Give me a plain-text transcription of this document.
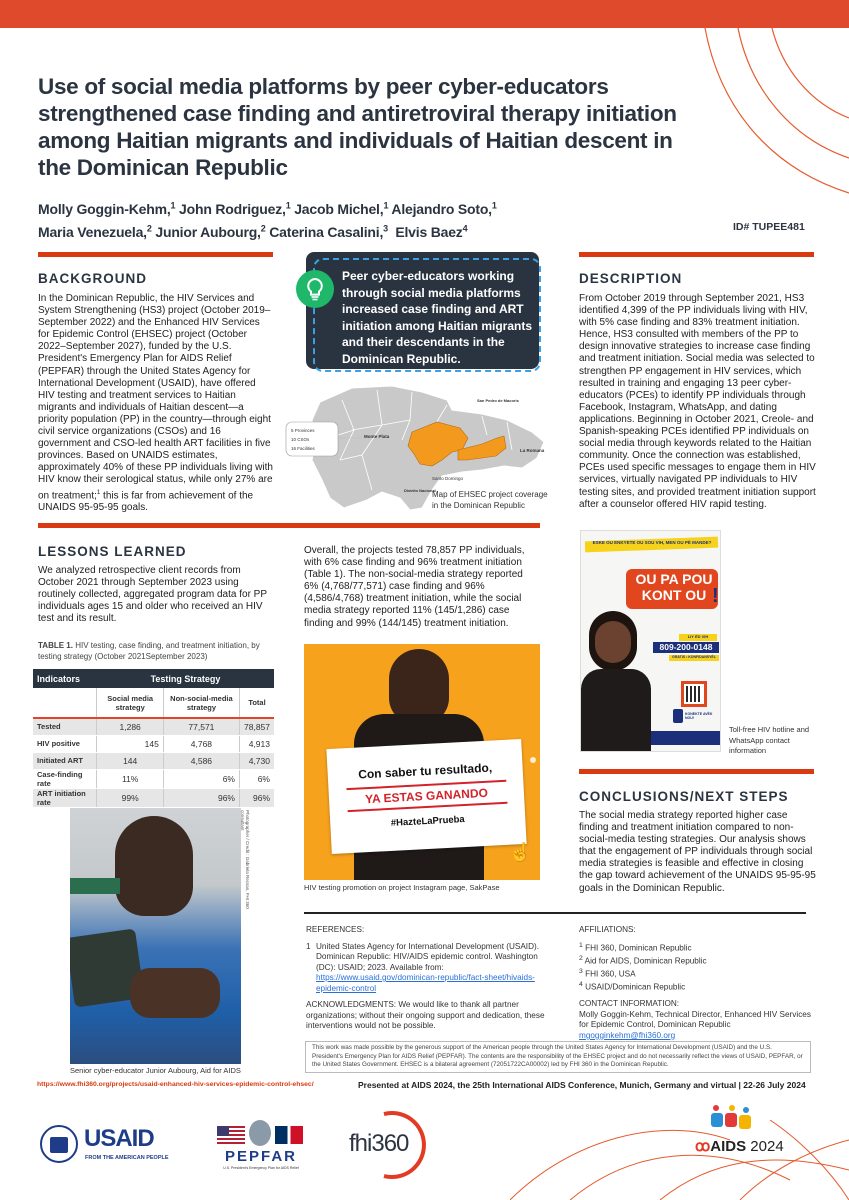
Use of social media platforms by peer cyber-educators strengthened case finding and antiretroviral therapy initiation among Haitian migrants and individuals of Haitian descent in the Dominican Republic
Molly Goggin-Kehm,$^1$ John Rodriguez,$^1$ Jacob Michel,$^1$ Alejandro Soto,$^1$
Maria Venezuela,$^2$ Junior Aubourg,$^2$ Caterina Casalini,$^3$ Elvis Baez$^4$	ID# TUPEE481
BACKGROUND
In the Dominican Republic, the HIV Services and System Strengthening (HS3) project (October 2019–September 2022) and the Enhanced HIV Services for Epidemic Control (EHSEC) project (October 2022–September 2027), funded by the U.S. President's Emergency Plan for AIDS Relief (PEPFAR) through the United States Agency for International Development (USAID), have offered HIV testing and treatment services to Haitian migrants and individuals of Haitian descent—a priority population (PP) in the country—through eight civil service organizations (CSOs) and 16 government and CSO-led health ART facilities in five provinces. Based on UNAIDS estimates, approximately 40% of these PP individuals living with HIV know their serological status, while only 27% are on treatment;$^1$ this is far from achievement of the UNAIDS 95-95-95 goals.
Peer cyber-educators working through social media platforms increased case finding and ART initiation among Haitian migrants and their descendants in the Dominican Republic.
5 Provinces
10 CSOs
16 Facilities
Monte Plata
San Pedro de Macoris
La Romana
Santo Domingo
Distrito Nacional
Map of EHSEC project coverage in the Dominican Republic
DESCRIPTION
From October 2019 through September 2021, HS3 identified 4,399 of the PP individuals living with HIV, with 5% case finding and 83% treatment initiation. Hence, HS3 consulted with members of the PP to design innovative strategies to increase case finding and treatment initiation. Social media was selected to strengthen PP engagement in HIV services, which resulted in training and engaging 13 peer cyber-educators (PCEs) to identify PP individuals through Facebook, Instagram, WhatsApp, and dating applications. Beginning in October 2021, Creole- and Spanish-speaking PCEs identified PP individuals on social media through keywords related to the Haitian community. Once the connection was established, PCEs used specific messages to engage them in HIV services, virtually navigated PP individuals to HIV testing sites, and provided treatment initiation support after a counselor offered HIV rapid testing.
LESSONS LEARNED
We analyzed retrospective client records from October 2021 through September 2023 using routinely collected, aggregated program data for PP individuals ages 15 and older who received an HIV test and its result.
Overall, the projects tested 78,857 PP individuals, with 6% case finding and 96% treatment initiation (Table 1). The non-social-media strategy reported 6% (4,768/77,571) case finding and 96% (4,586/4,768) treatment initiation, while the social media strategy reported 11% (145/1,286) case finding and 99% (144/145) treatment initiation.
TABLE 1. HIV testing, case finding, and treatment initiation, by testing strategy (October 2021September 2023)
Indicators	Testing Strategy		
	Social media strategy	Non-social-media strategy	Total
Tested	1,286	77,571	78,857
HIV positive	145	4,768	4,913
Initiated ART	144	4,586	4,730
Case-finding rate	11%	6%	6%
ART initiation rate	99%	96%	96%
Photographer / Credit : Gabriela Recsan, FHI 360 consultant
Senior cyber-educator Junior Aubourg, Aid for AIDS
Con saber tu resultado,
YA ESTAS GANANDO
#HazteLaPrueba
☝
HIV testing promotion on project Instagram page, SakPase
ESKE OU ENKYETE OU SOU VIH, MEN OU PÈ MANDE?
OU PA POU
KONT OU !
LIY ÈD VIH
809-200-0148
GRATIS • KONFIDANSYÈL
KONEKTE AVÈK NOU!
Toll-free HIV hotline and WhatsApp contact information
CONCLUSIONS/NEXT STEPS
The social media strategy reported higher case finding and treatment initiation compared to non-social-media testing strategies. Our analysis shows that the engagement of PP individuals through social media strategies is feasible and effective in closing the gap toward achievement of the UNAIDS 95-95-95 goals in the Dominican Republic.
REFERENCES:
1 United States Agency for International Development (USAID). Dominican Republic: HIV/AIDS epidemic control. Washington (DC): USAID; 2023. Available from:
https://www.usaid.gov/dominican-republic/fact-sheet/hivaids-epidemic-control
ACKNOWLEDGMENTS: We would like to thank all partner organizations; without their ongoing support and dedication, these interventions would not be possible.
AFFILIATIONS:
$^1$ FHI 360, Dominican Republic
$^2$ Aid for AIDS, Dominican Republic
$^3$ FHI 360, USA
$^4$ USAID/Dominican Republic
CONTACT INFORMATION:
Molly Goggin-Kehm, Technical Director, Enhanced HIV Services for Epidemic Control, Dominican Republic
mgogginkehm@fhi360.org
This work was made possible by the generous support of the American people through the United States Agency for International Development (USAID) and the U.S. President's Emergency Plan for AIDS Relief (PEPFAR). The contents are the responsibility of the EHSEC project and do not necessarily reflect the views of USAID, PEPFAR, or the United States Government. EHSEC is a bilateral agreement (72051722CA00002) led by FHI 360 in the Dominican Republic.
https://www.fhi360.org/projects/usaid-enhanced-hiv-services-epidemic-control-ehsec/	Presented at AIDS 2024, the 25th International AIDS Conference, Munich, Germany and virtual | 22-26 July 2024
USAID
FROM THE AMERICAN PEOPLE	PEPFAR
U.S. President's Emergency Plan for AIDS Relief
fhi360	ꝏAIDS 2024
